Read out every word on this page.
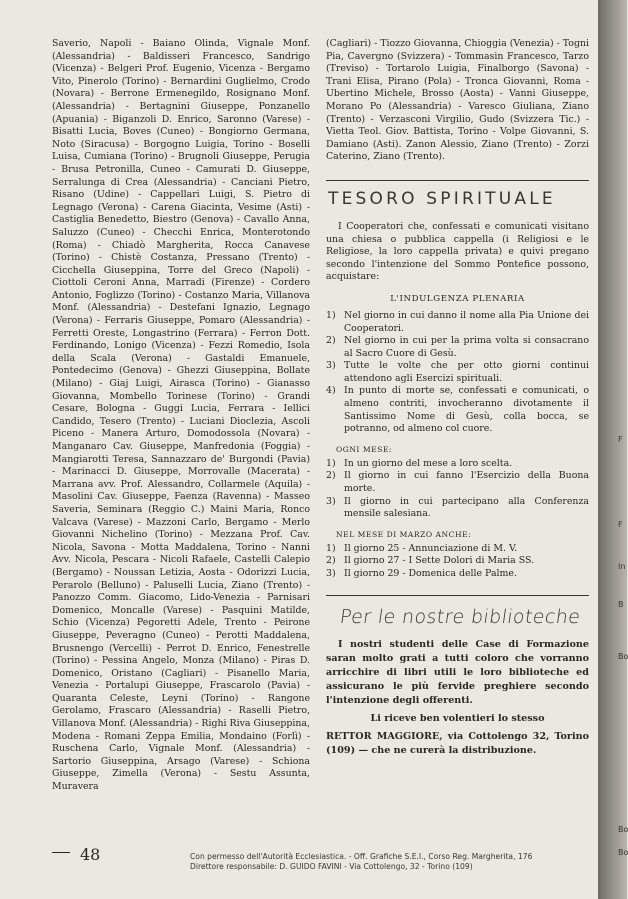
Saverio, Napoli - Baiano Olinda, Vignale Monf. (Alessandria) - Baldisseri Francesco, Sandrigo (Vicenza) - Belgeri Prof. Eugenio, Vicenza - Bergamo Vito, Pinerolo (Torino) - Bernardini Guglielmo, Crodo (Novara) - Berrone Ermenegildo, Rosignano Monf. (Alessandria) - Bertagnini Giuseppe, Ponzanello (Apuania) - Biganzoli D. Enrico, Saronno (Varese) - Bisatti Lucia, Boves (Cuneo) - Bongiorno Germana, Noto (Siracusa) - Borgogno Luigia, Torino - Boselli Luisa, Cumiana (Torino) - Brugnoli Giuseppe, Perugia - Brusa Petronilla, Cuneo - Camurati D. Giuseppe, Serralunga di Crea (Alessandria) - Canciani Pietro, Risano (Udine) - Cappellari Luigi, S. Pietro di Legnago (Verona) - Carena Giacinta, Vesime (Asti) - Castiglia Benedetto, Biestro (Genova) - Cavallo Anna, Saluzzo (Cuneo) - Checchi Enrica, Monterotondo (Roma) - Chiadò Margherita, Rocca Canavese (Torino) - Chistè Costanza, Pressano (Trento) - Cicchella Giuseppina, Torre del Greco (Napoli) - Ciottoli Ceroni Anna, Marradi (Firenze) - Cordero Antonio, Foglizzo (Torino) - Costanzo Maria, Villanova Monf. (Alessandria) - Destefani Ignazio, Legnago (Verona) - Ferraris Giuseppe, Pomaro (Alessandria) - Ferretti Oreste, Longastrino (Ferrara) - Ferron Dott. Ferdinando, Lonigo (Vicenza) - Fezzi Romedio, Isola della Scala (Verona) - Gastaldi Emanuele, Pontedecimo (Genova) - Ghezzi Giuseppina, Bollate (Milano) - Giaj Luigi, Airasca (Torino) - Gianasso Giovanna, Mombello Torinese (Torino) - Grandi Cesare, Bologna - Guggi Lucia, Ferrara - Iellici Candido, Tesero (Trento) - Luciani Dioclezia, Ascoli Piceno - Manera Arturo, Domodossola (Novara) - Manganaro Cav. Giuseppe, Manfredonia (Foggia) - Mangiarotti Teresa, Sannazzaro de' Burgondi (Pavia) - Marinacci D. Giuseppe, Morrovalle (Macerata) - Marrana avv. Prof. Alessandro, Collarmele (Aquila) - Masolini Cav. Giuseppe, Faenza (Ravenna) - Masseo Saveria, Seminara (Reggio C.) Maini Maria, Ronco Valcava (Varese) - Mazzoni Carlo, Bergamo - Merlo Giovanni Nichelino (Torino) - Mezzana Prof. Cav. Nicola, Savona - Motta Maddalena, Torino - Nanni Avv. Nicola, Pescara - Nicoli Rafaele, Castelli Calepio (Bergamo) - Noussan Letizia, Aosta - Odorizzi Lucia, Perarolo (Belluno) - Paluselli Lucia, Ziano (Trento) - Panozzo Comm. Giacomo, Lido-Venezia - Parnisari Domenico, Moncalle (Varese) - Pasquini Matilde, Schio (Vicenza) Pegoretti Adele, Trento - Peirone Giuseppe, Peveragno (Cuneo) - Perotti Maddalena, Brusnengo (Vercelli) - Perrot D. Enrico, Fenestrelle (Torino) - Pessina Angelo, Monza (Milano) - Piras D. Domenico, Oristano (Cagliari) - Pisanello Maria, Venezia - Portalupi Giuseppe, Frascarolo (Pavia) - Quaranta Celeste, Leyni (Torino) - Rangone Gerolamo, Frascaro (Alessandria) - Raselli Pietro, Villanova Monf. (Alessandria) - Righi Riva Giuseppina, Modena - Romani Zeppa Emilia, Mondaino (Forlì) - Ruschena Carlo, Vignale Monf. (Alessandria) - Sartorio Giuseppina, Arsago (Varese) - Schiona Giuseppe, Zimella (Verona) - Sestu Assunta, Muravera

(Cagliari) - Tiozzo Giovanna, Chioggia (Venezia) - Togni Pia, Cavergno (Svizzera) - Tommasin Francesco, Tarzo (Treviso) - Tortarolo Luigia, Finalborgo (Savona) - Trani Elisa, Pirano (Pola) - Tronca Giovanni, Roma - Ubertino Michele, Brosso (Aosta) - Vanni Giuseppe, Morano Po (Alessandria) - Varesco Giuliana, Ziano (Trento) - Verzasconi Virgilio, Gudo (Svizzera Tic.) - Vietta Teol. Giov. Battista, Torino - Volpe Giovanni, S. Damiano (Asti). Zanon Alessio, Ziano (Trento) - Zorzi Caterino, Ziano (Trento).

TESORO SPIRITUALE

I Cooperatori che, confessati e comunicati visitano una chiesa o pubblica cappella (i Religiosi e le Religiose, la loro cappella privata) e quivi pregano secondo l'intenzione del Sommo Pontefice possono, acquistare:

L'INDULGENZA PLENARIA
1) Nel giorno in cui danno il nome alla Pia Unione dei Cooperatori.
2) Nel giorno in cui per la prima volta si consacrano al Sacro Cuore di Gesù.
3) Tutte le volte che per otto giorni continui attendono agli Esercizi spirituali.
4) In punto di morte se, confessati e comunicati, o almeno contriti, invocheranno divotamente il Santissimo Nome di Gesù, colla bocca, se potranno, od almeno col cuore.
OGNI MESE:
1) In un giorno del mese a loro scelta.
2) Il giorno in cui fanno l'Esercizio della Buona morte.
3) Il giorno in cui partecipano alla Conferenza mensile salesiana.
NEL MESE DI MARZO ANCHE:
1) Il giorno 25 - Annunciazione di M. V.
2) Il giorno 27 - I Sette Dolori di Maria SS.
3) Il giorno 29 - Domenica delle Palme.
Per le nostre biblioteche

I nostri studenti delle Case di Formazione saran molto grati a tutti coloro che vorranno arricchire di libri utili le loro biblioteche ed assicurano le più fervide preghiere secondo l'intenzione degli offerenti.

Li riceve ben volentieri lo stesso

RETTOR MAGGIORE, via Cottolengo 32, Torino (109) — che ne curerà la distribuzione.

48	Con permesso dell'Autorità Ecclesiastica. - Off. Grafiche S.E.I., Corso Reg. Margherita, 176
Direttore responsabile: D. GUIDO FAVINI - Via Cottolengo, 32 - Torino (109)
F
F
In
B
Bo
Bo
Bo
